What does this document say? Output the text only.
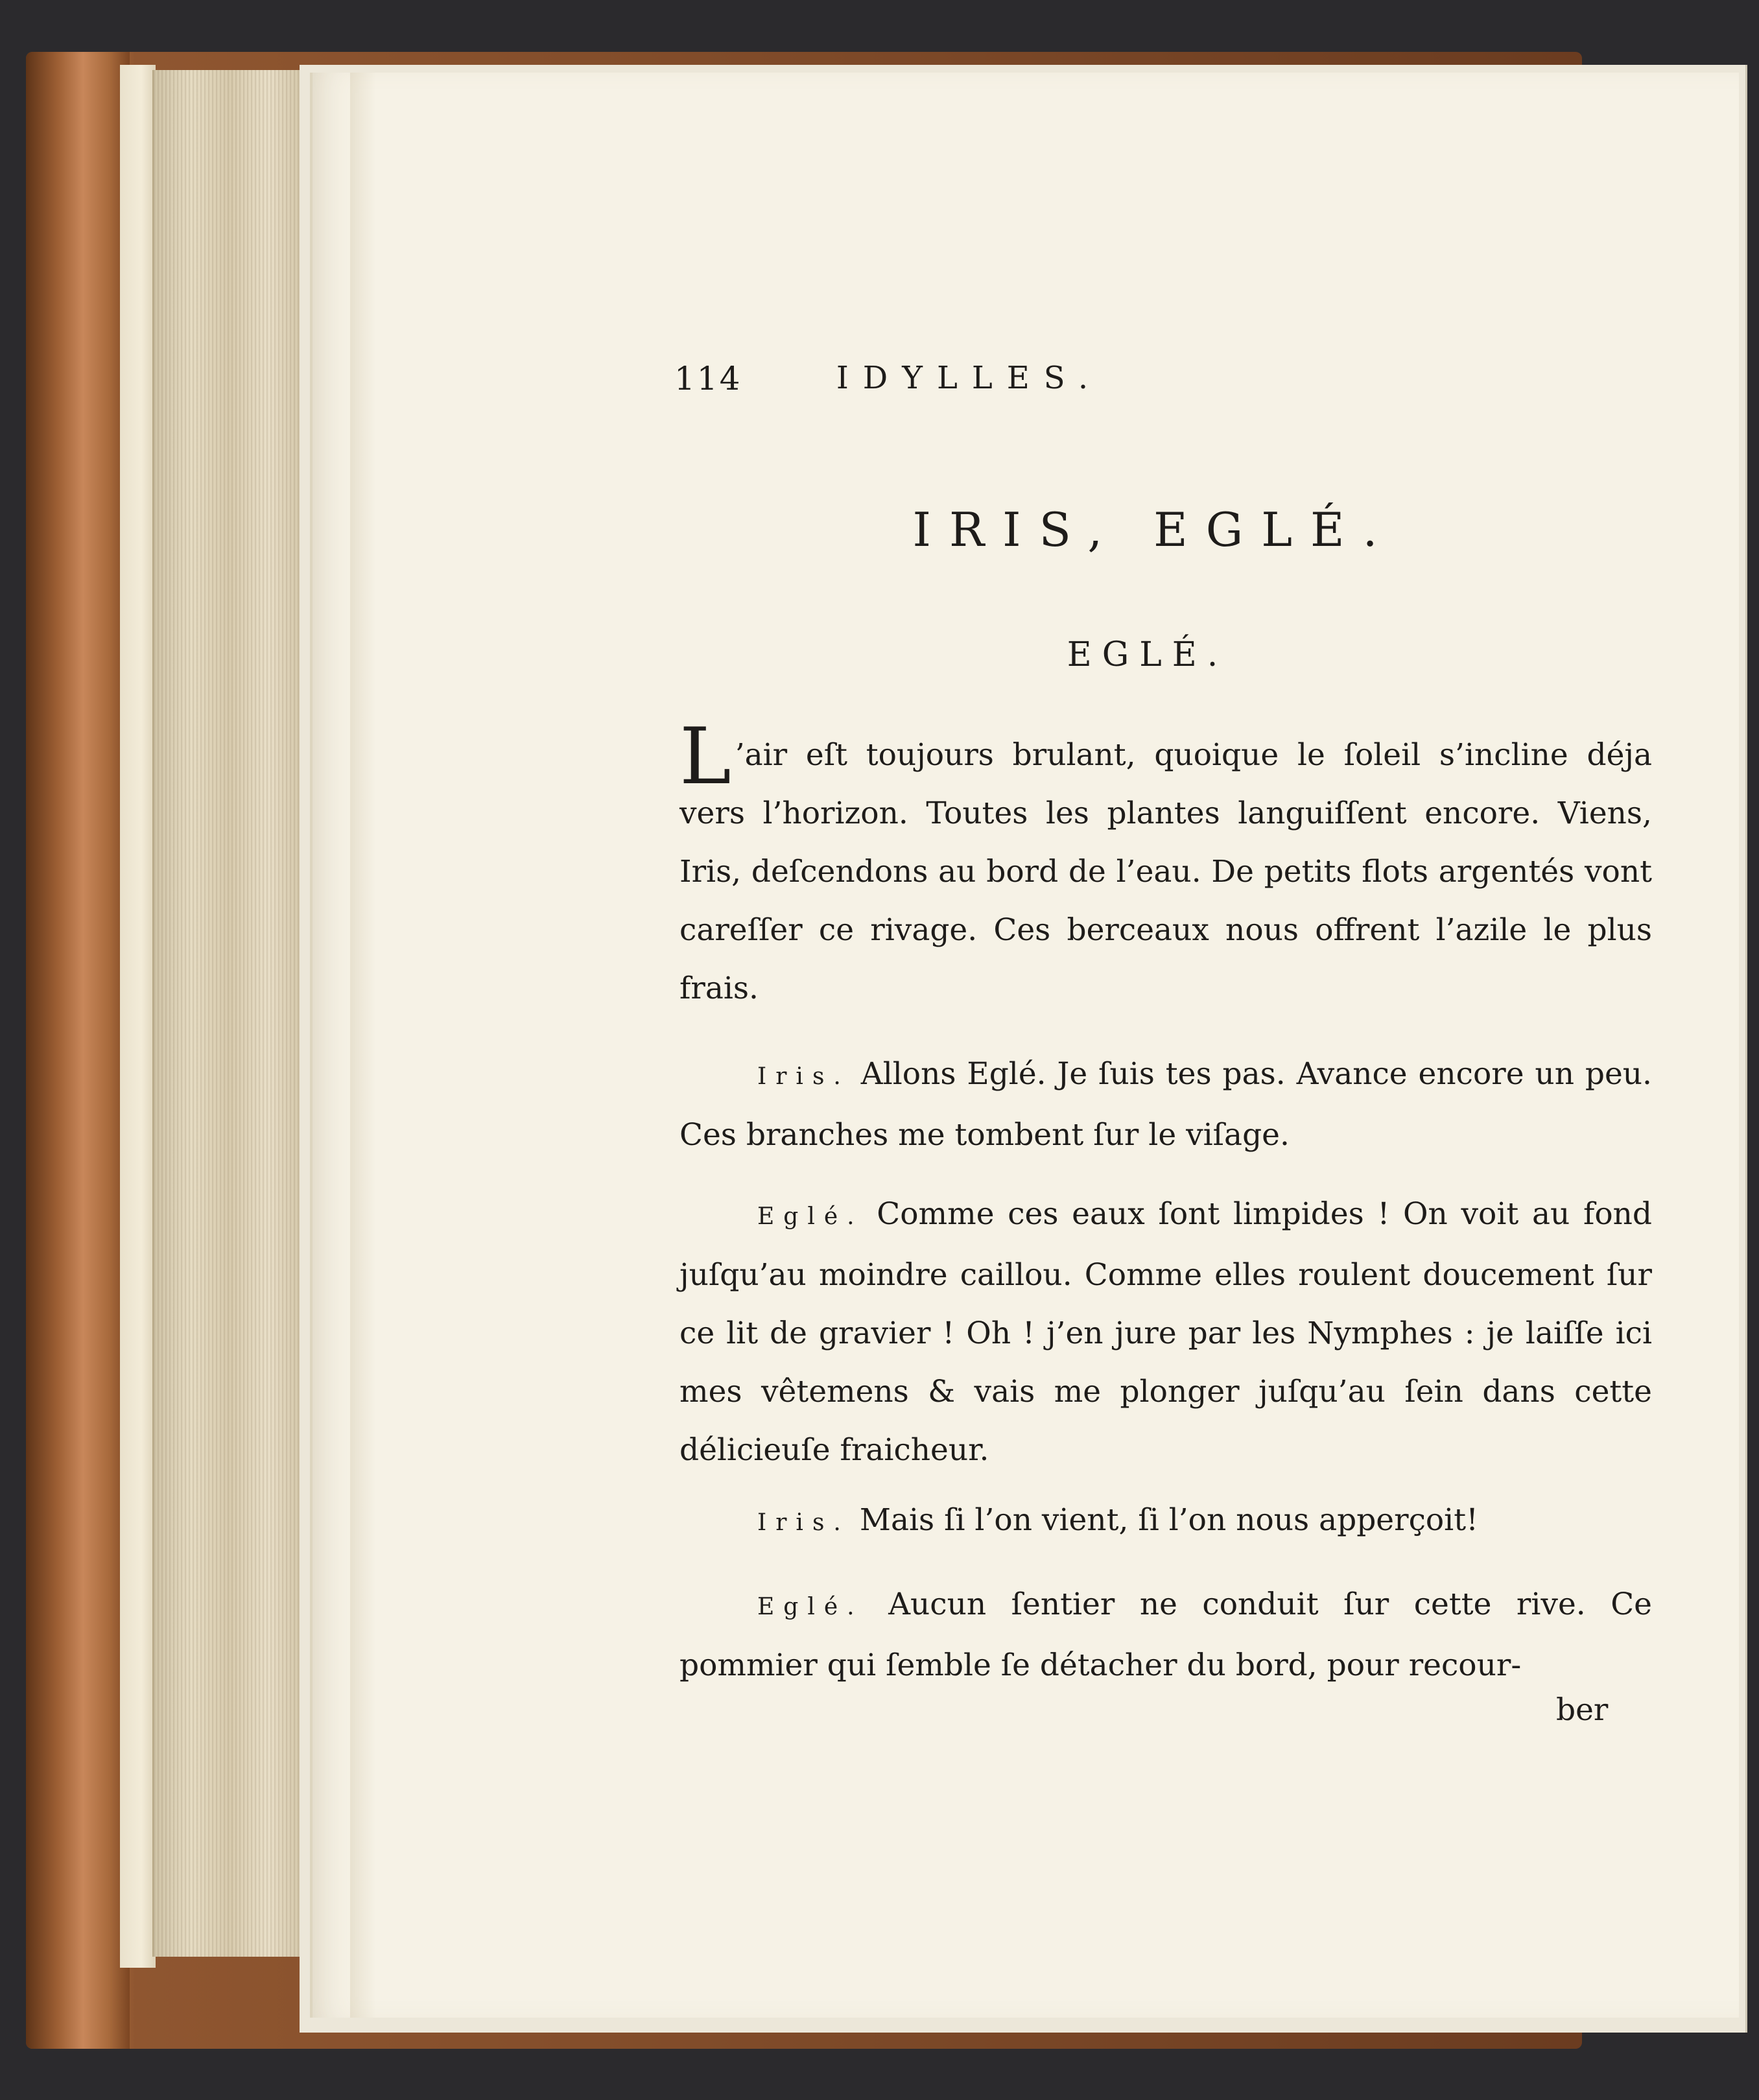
114	IDYLLES.
IRIS, EGLÉ.
EGLÉ.
L ’air eſt toujours brulant, quoique le ſoleil s’incline déja vers l’horizon. Toutes les plantes languiſſent encore. Viens, Iris, deſcendons au bord de l’eau. De petits flots argentés vont careſſer ce rivage. Ces berceaux nous offrent l’azile le plus frais.
Iris. Allons Eglé. Je ſuis tes pas. Avance encore un peu. Ces branches me tombent ſur le viſage.
Eglé. Comme ces eaux ſont limpides ! On voit au fond juſqu’au moindre caillou. Comme elles roulent doucement ſur ce lit de gravier ! Oh ! j’en jure par les Nymphes : je laiſſe ici mes vêtemens & vais me plonger juſqu’au ſein dans cette délicieuſe fraicheur.
Iris. Mais ſi l’on vient, ſi l’on nous apperçoit!
Eglé. Aucun ſentier ne conduit ſur cette rive. Ce pommier qui ſemble ſe détacher du bord, pour recour-
ber
